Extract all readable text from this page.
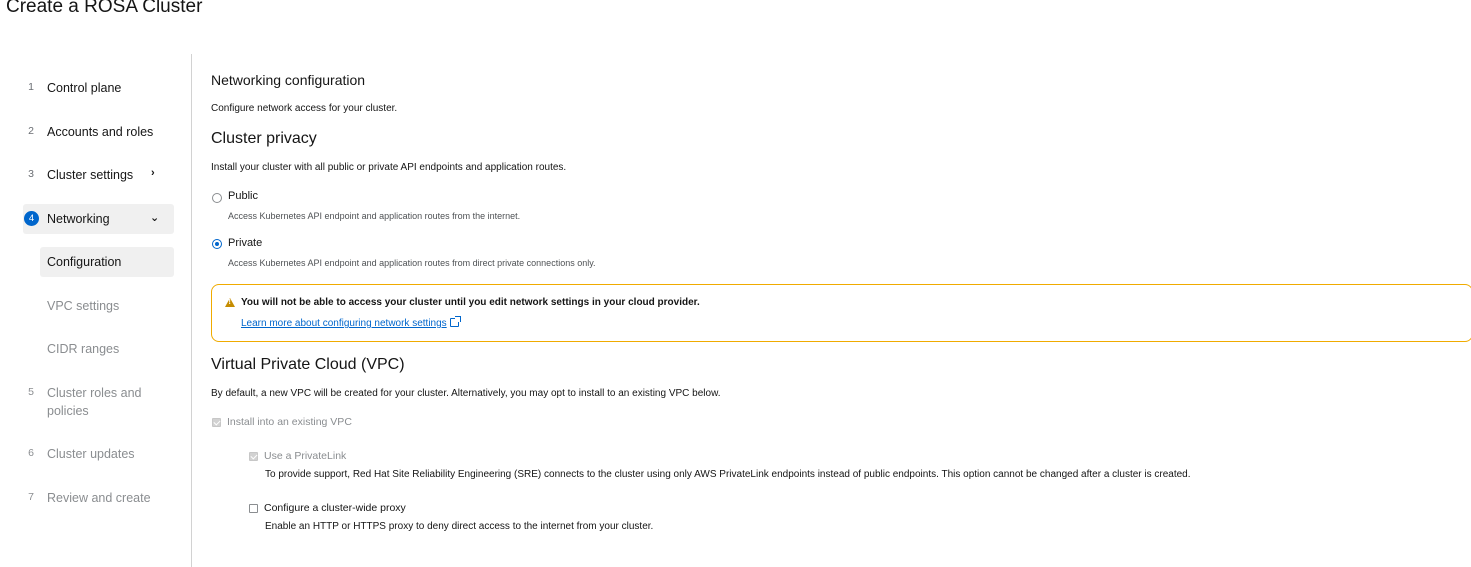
Create a ROSA Cluster
1	Control plane
2	Accounts and roles
3	Cluster settings ›
4	Networking	⌄
Configuration
VPC settings
CIDR ranges
5	Cluster roles and policies
6	Cluster updates
7	Review and create
Networking configuration
Configure network access for your cluster.
Cluster privacy
Install your cluster with all public or private API endpoints and application routes.
Public
Access Kubernetes API endpoint and application routes from the internet.
Private
Access Kubernetes API endpoint and application routes from direct private connections only.
!
You will not be able to access your cluster until you edit network settings in your cloud provider.
Learn more about configuring network settings
Virtual Private Cloud (VPC)
By default, a new VPC will be created for your cluster. Alternatively, you may opt to install to an existing VPC below.
Install into an existing VPC
Use a PrivateLink
To provide support, Red Hat Site Reliability Engineering (SRE) connects to the cluster using only AWS PrivateLink endpoints instead of public endpoints. This option cannot be changed after a cluster is created.
Configure a cluster-wide proxy
Enable an HTTP or HTTPS proxy to deny direct access to the internet from your cluster.
